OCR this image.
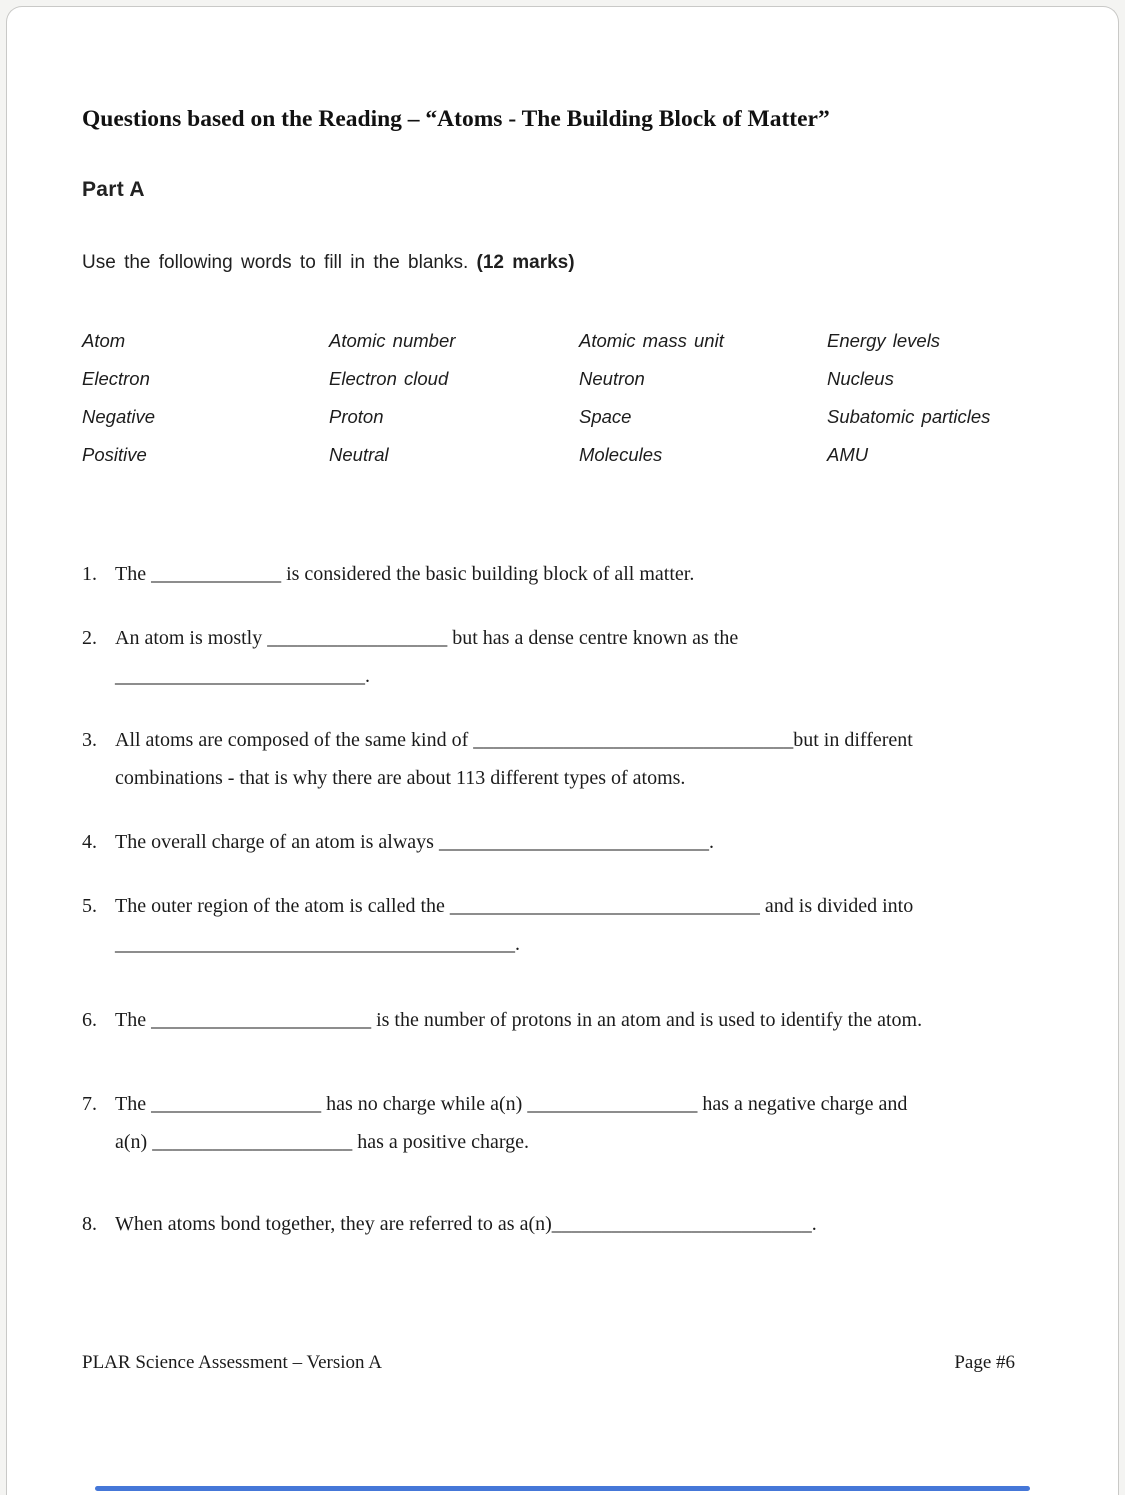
Questions based on the Reading – “Atoms - The Building Block of Matter”
Part A

Use the following words to fill in the blanks. (12 marks)

Atom	Atomic number	Atomic mass unit	Energy levels
Electron	Electron cloud	Neutron	Nucleus
Negative	Proton	Space	Subatomic particles
Positive	Neutral	Molecules	AMU
1. The _____________ is considered the basic building block of all matter.
2. An atom is mostly __________________ but has a dense centre known as the
_________________________.
3. All atoms are composed of the same kind of ________________________________but in different
combinations - that is why there are about 113 different types of atoms.
4. The overall charge of an atom is always ___________________________.
5. The outer region of the atom is called the _______________________________ and is divided into
________________________________________.
6. The ______________________ is the number of protons in an atom and is used to identify the atom.
7. The _________________ has no charge while a(n) _________________ has a negative charge and
a(n) ____________________ has a positive charge.
8. When atoms bond together, they are referred to as a(n)__________________________.
PLAR Science Assessment – Version A	Page #6
